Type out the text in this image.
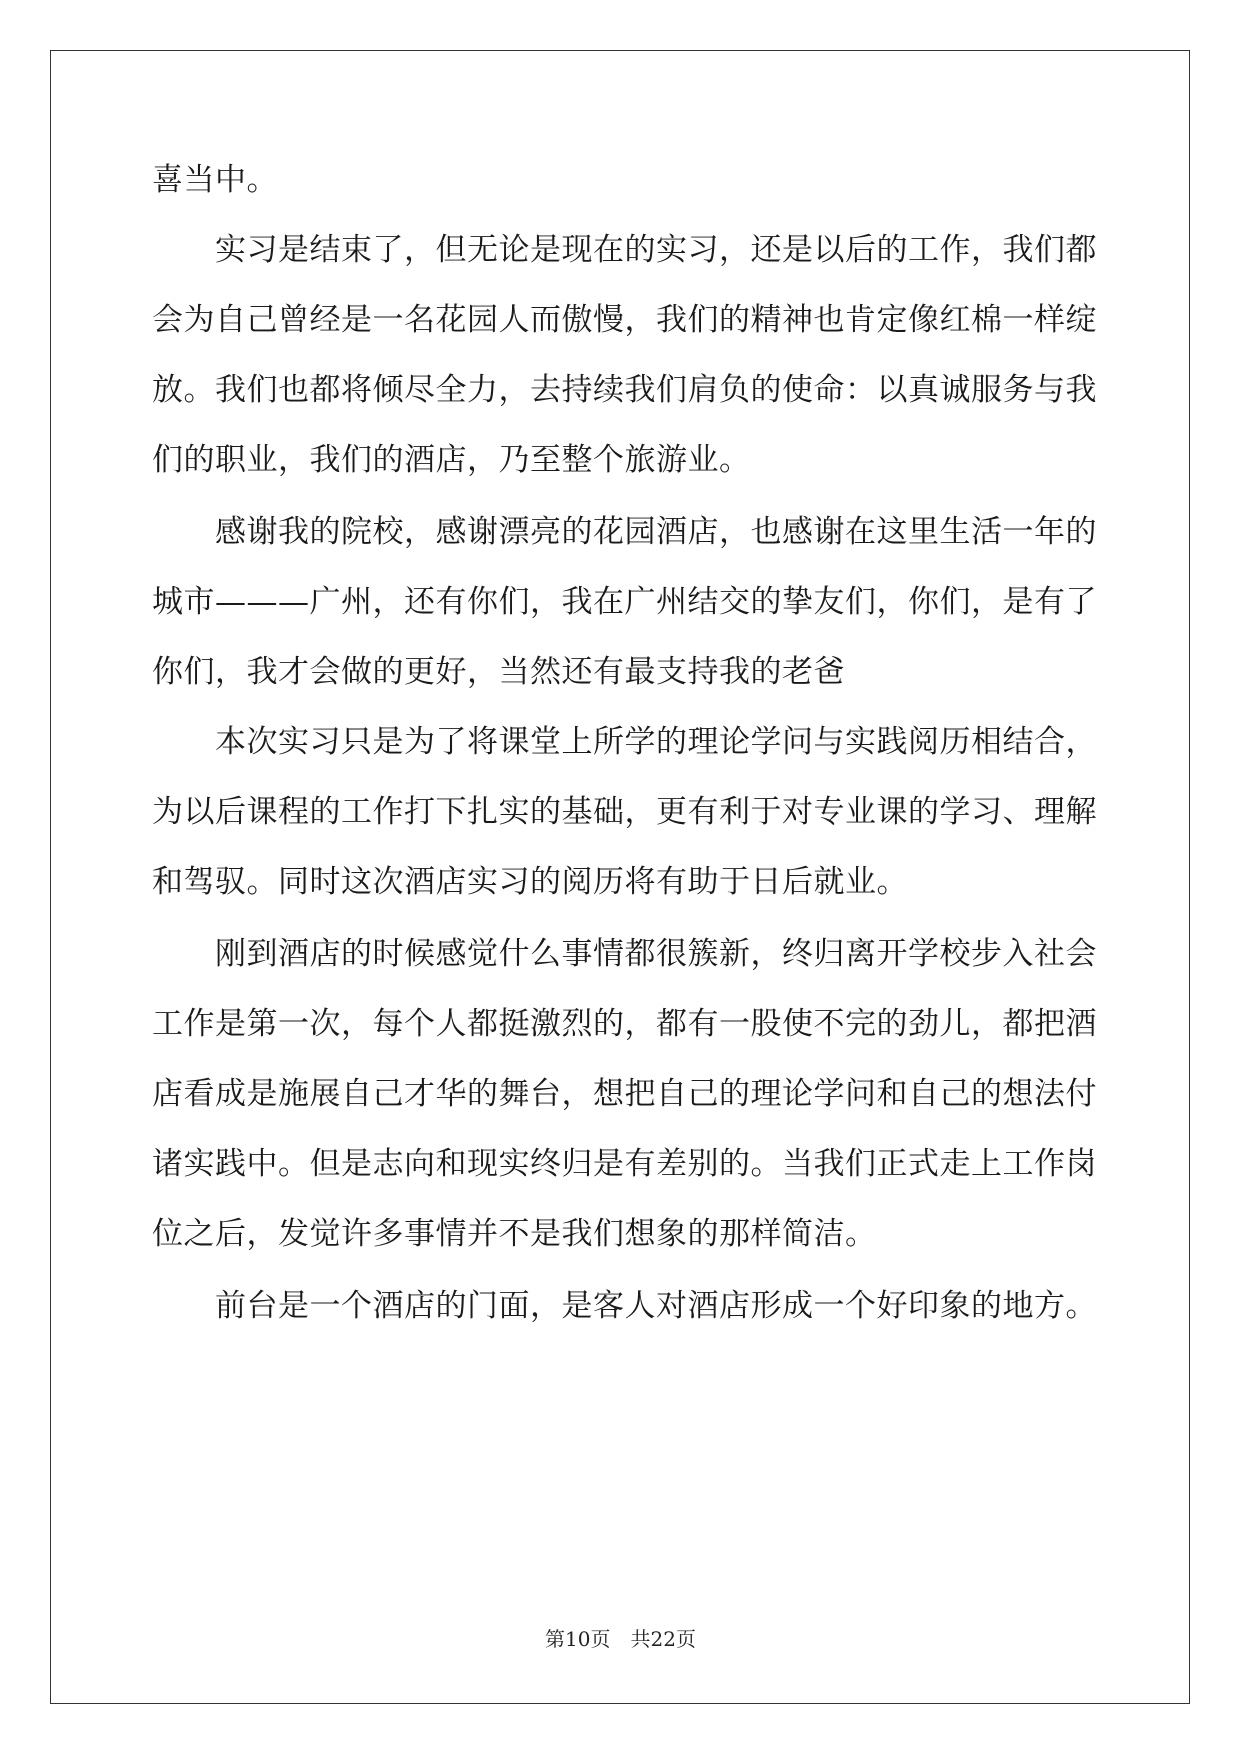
喜当中。
实习是结束了，但无论是现在的实习，还是以后的工作，我们都
会为自己曾经是一名花园人而傲慢，我们的精神也肯定像红棉一样绽
放。我们也都将倾尽全力，去持续我们肩负的使命：以真诚服务与我
们的职业，我们的酒店，乃至整个旅游业。
感谢我的院校，感谢漂亮的花园酒店，也感谢在这里生活一年的
城市———广州，还有你们，我在广州结交的挚友们，你们，是有了
你们，我才会做的更好，当然还有最支持我的老爸
本次实习只是为了将课堂上所学的理论学问与实践阅历相结合，
为以后课程的工作打下扎实的基础，更有利于对专业课的学习、理解
和驾驭。同时这次酒店实习的阅历将有助于日后就业。
刚到酒店的时候感觉什么事情都很簇新，终归离开学校步入社会
工作是第一次，每个人都挺激烈的，都有一股使不完的劲儿，都把酒
店看成是施展自己才华的舞台，想把自己的理论学问和自己的想法付
诸实践中。但是志向和现实终归是有差别的。当我们正式走上工作岗
位之后，发觉许多事情并不是我们想象的那样简洁。
前台是一个酒店的门面，是客人对酒店形成一个好印象的地方。
第10页 共22页
